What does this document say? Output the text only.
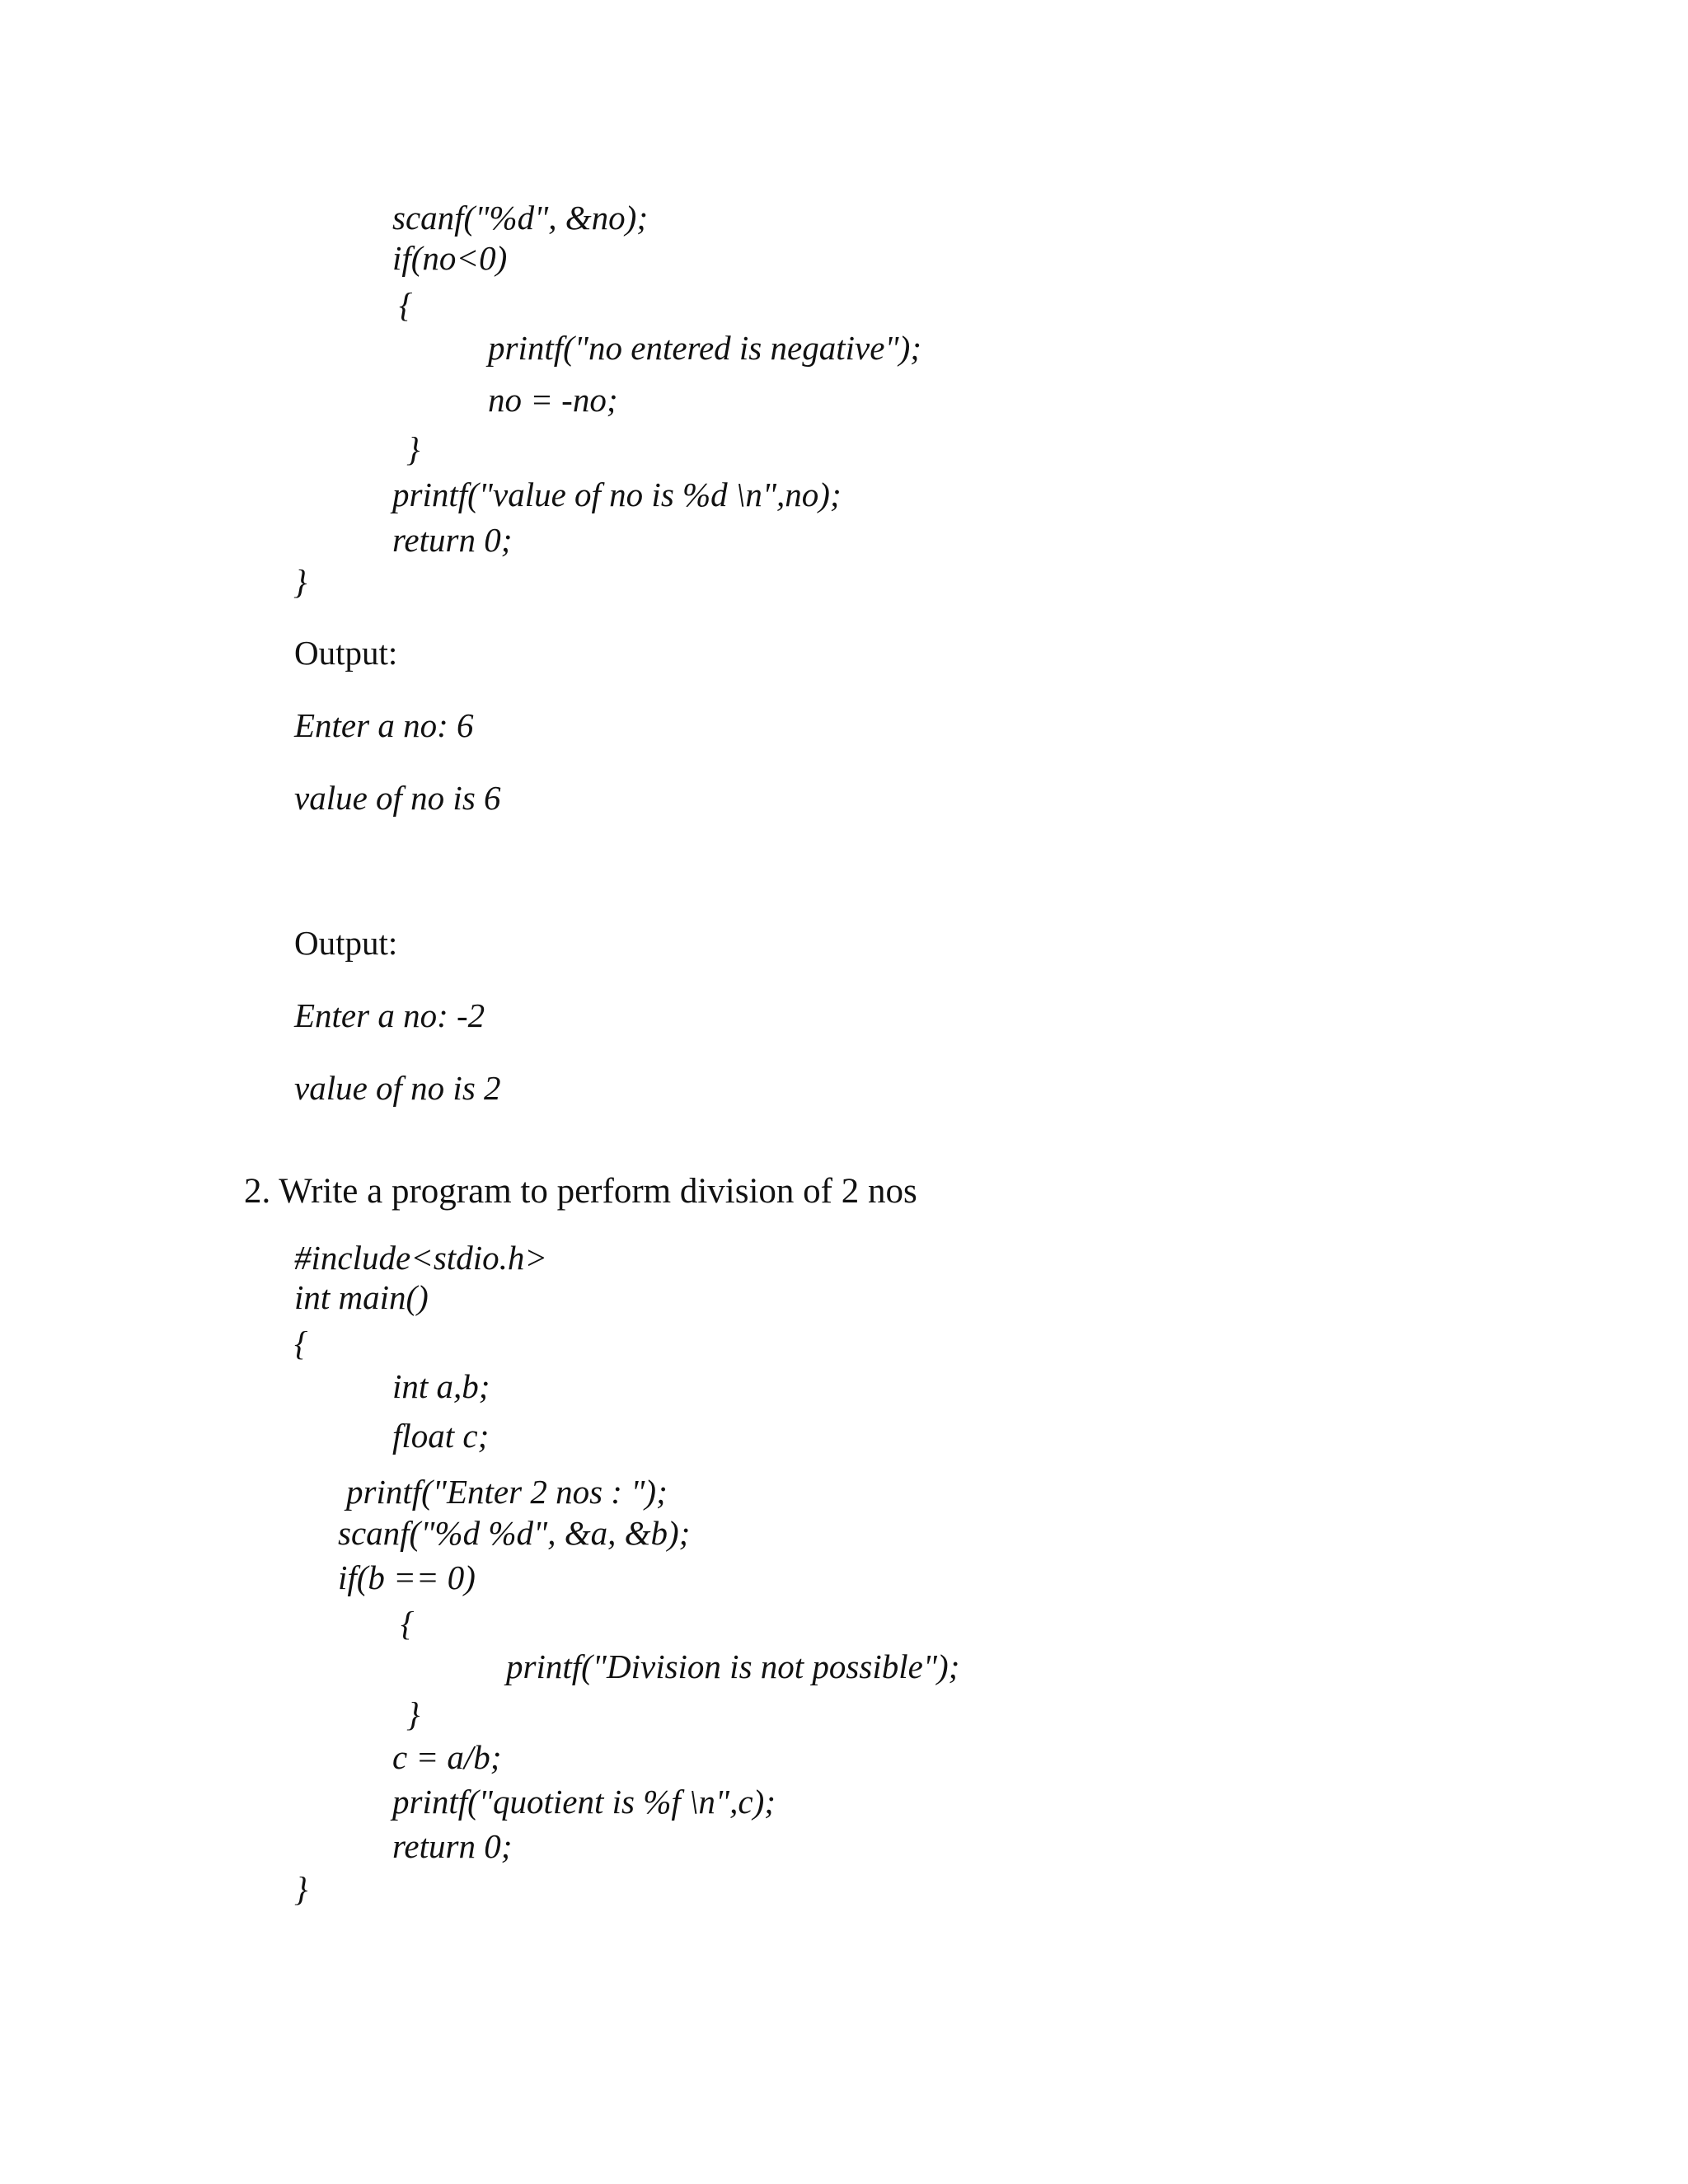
scanf("%d", &no);
if(no<0)
{
printf("no entered is negative");
no = -no;
}
printf("value of no is %d \n",no);
return 0;
}
Output:
Enter a no: 6
value of no is 6
Output:
Enter a no: -2
value of no is 2
2. Write a program to perform division of 2 nos
#include<stdio.h>
int main()
{
int a,b;
float c;
printf("Enter 2 nos : ");
scanf("%d %d", &a, &b);
if(b == 0)
{
printf("Division is not possible");
}
c = a/b;
printf("quotient is %f \n",c);
return 0;
}
